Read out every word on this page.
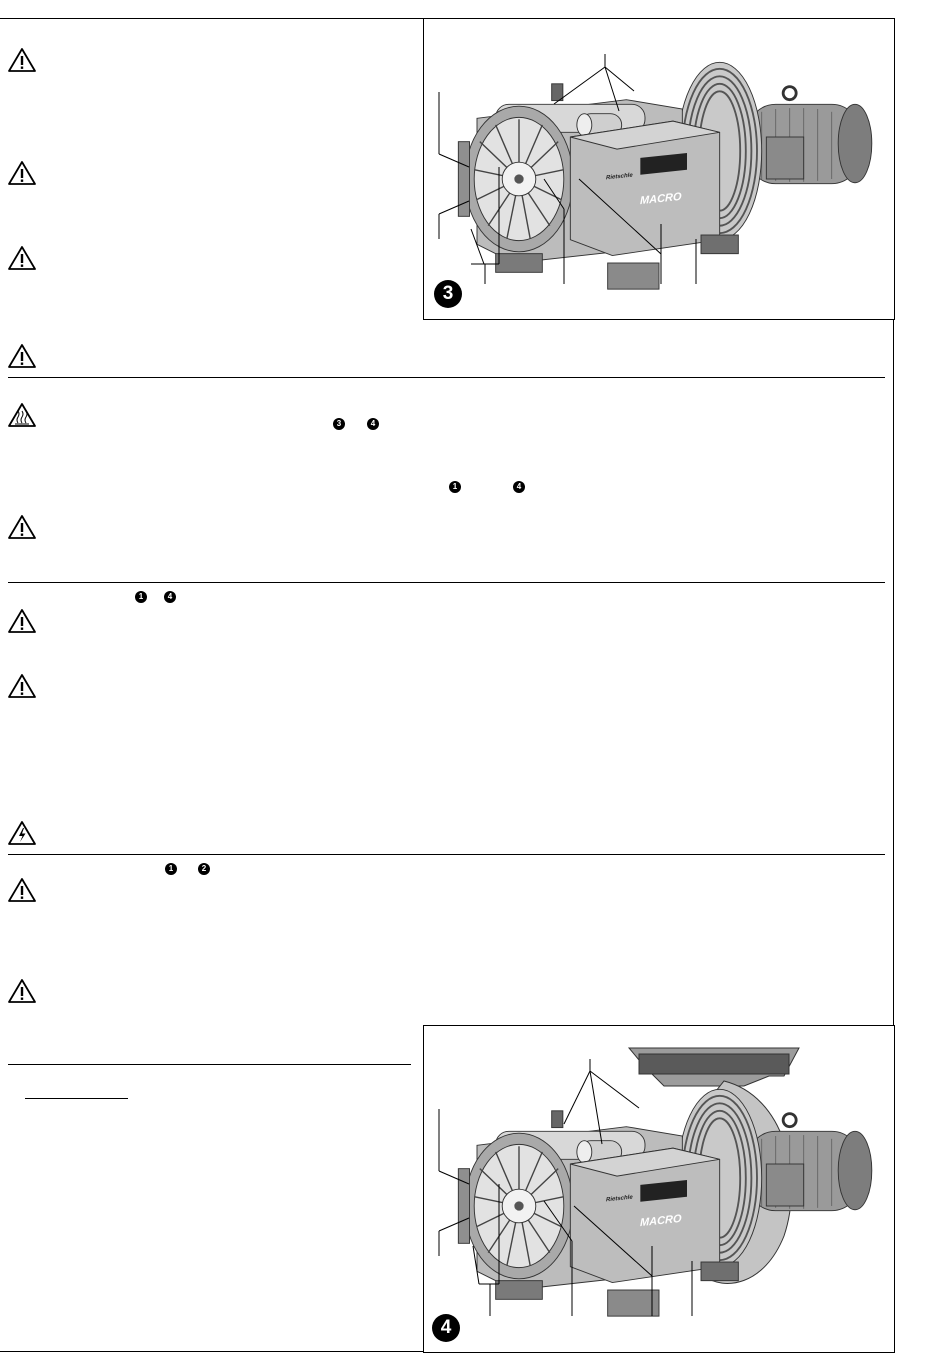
Rietschle
MACRO
3
3	4
1	4
1	4
1	2
Rietschle
MACRO
4
